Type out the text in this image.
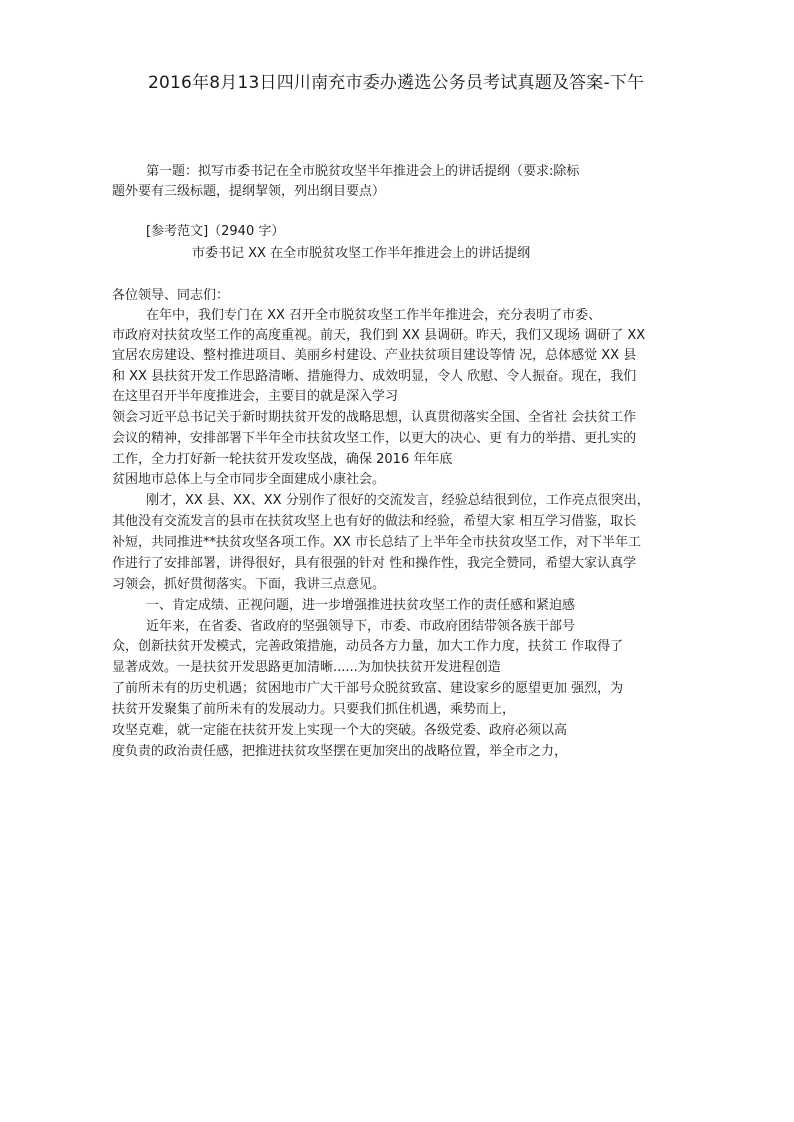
2016年8月13日四川南充市委办遴选公务员考试真题及答案-下午
第一题：拟写市委书记在全市脱贫攻坚半年推进会上的讲话提纲（要求:除标
题外要有三级标题，提纲挈领，列出纲目要点）
[参考范文]（2940 字）
市委书记 XX 在全市脱贫攻坚工作半年推进会上的讲话提纲
各位领导、同志们：
在年中，我们专门在 XX 召开全市脱贫攻坚工作半年推进会，充分表明了市委、
市政府对扶贫攻坚工作的高度重视。前天，我们到 XX 县调研。昨天，我们又现场 调研了 XX
宜居农房建设、整村推进项目、美丽乡村建设、产业扶贫项目建设等情 况，总体感觉 XX 县
和 XX 县扶贫开发工作思路清晰、措施得力、成效明显，令人 欣慰、令人振奋。现在，我们
在这里召开半年度推进会，主要目的就是深入学习
领会习近平总书记关于新时期扶贫开发的战略思想，认真贯彻落实全国、全省社 会扶贫工作
会议的精神，安排部署下半年全市扶贫攻坚工作，以更大的决心、更 有力的举措、更扎实的
工作，全力打好新一轮扶贫开发攻坚战，确保 2016 年年底
贫困地市总体上与全市同步全面建成小康社会。
刚才，XX 县、XX、XX 分别作了很好的交流发言，经验总结很到位，工作亮点很突出，
其他没有交流发言的县市在扶贫攻坚上也有好的做法和经验，希望大家 相互学习借鉴，取长
补短，共同推进**扶贫攻坚各项工作。XX 市长总结了上半年全市扶贫攻坚工作，对下半年工
作进行了安排部署，讲得很好，具有很强的针对 性和操作性，我完全赞同，希望大家认真学
习领会，抓好贯彻落实。下面，我讲三点意见。
一、肯定成绩、正视问题，进一步增强推进扶贫攻坚工作的责任感和紧迫感
近年来，在省委、省政府的坚强领导下，市委、市政府团结带领各族干部号
众，创新扶贫开发模式，完善政策措施，动员各方力量，加大工作力度，扶贫工 作取得了
显著成效。一是扶贫开发思路更加清晰......为加快扶贫开发进程创造
了前所未有的历史机遇；贫困地市广大干部号众脱贫致富、建设家乡的愿望更加 强烈，为
扶贫开发聚集了前所未有的发展动力。只要我们抓住机遇，乘势而上，
攻坚克难，就一定能在扶贫开发上实现一个大的突破。各级党委、政府必须以高
度负责的政治责任感，把推进扶贫攻坚摆在更加突出的战略位置，举全市之力，
